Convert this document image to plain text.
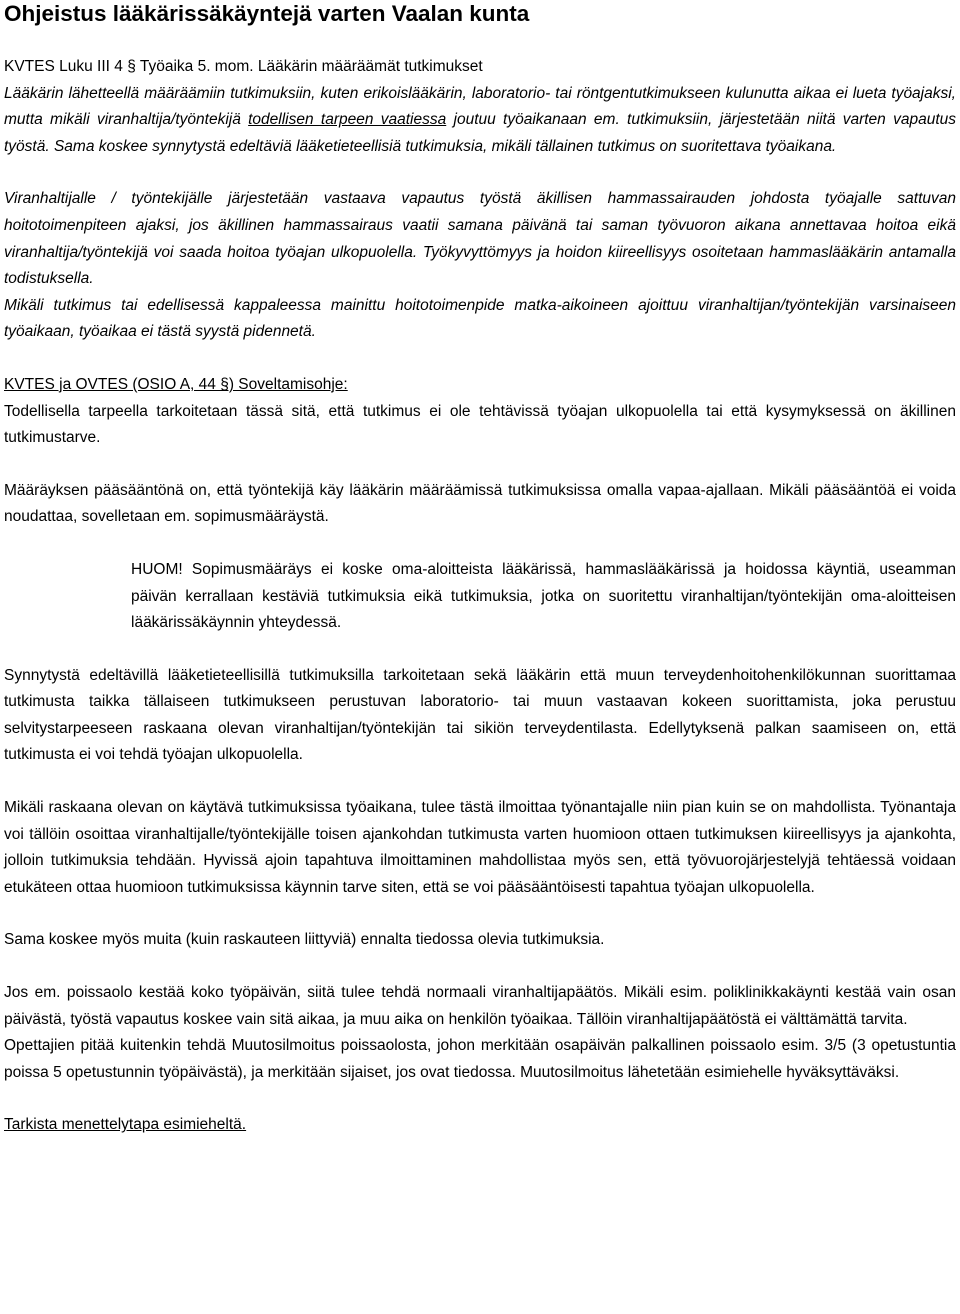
Ohjeistus lääkärissäkäyntejä varten Vaalan kunta

KVTES Luku III 4 § Työaika 5. mom. Lääkärin määräämät tutkimukset

Lääkärin lähetteellä määräämiin tutkimuksiin, kuten erikoislääkärin, laboratorio- tai röntgentutkimukseen kulunutta aikaa ei lueta työajaksi, mutta mikäli viranhaltija/työntekijä todellisen tarpeen vaatiessa joutuu työaikanaan em. tutkimuksiin, järjestetään niitä varten vapautus työstä. Sama koskee synnytystä edeltäviä lääketieteellisiä tutkimuksia, mikäli tällainen tutkimus on suoritettava työaikana.

Viranhaltijalle / työntekijälle järjestetään vastaava vapautus työstä äkillisen hammassairauden johdosta työajalle sattuvan hoitotoimenpiteen ajaksi, jos äkillinen hammassairaus vaatii samana päivänä tai saman työvuoron aikana annettavaa hoitoa eikä viranhaltija/työntekijä voi saada hoitoa työajan ulkopuolella. Työkyvyttömyys ja hoidon kiireellisyys osoitetaan hammaslääkärin antamalla todistuksella.

Mikäli tutkimus tai edellisessä kappaleessa mainittu hoitotoimenpide matka-aikoineen ajoittuu viranhaltijan/työntekijän varsinaiseen työaikaan, työaikaa ei tästä syystä pidennetä.

KVTES ja OVTES (OSIO A, 44 §) Soveltamisohje:

Todellisella tarpeella tarkoitetaan tässä sitä, että tutkimus ei ole tehtävissä työajan ulkopuolella tai että kysymyksessä on äkillinen tutkimustarve.

Määräyksen pääsääntönä on, että työntekijä käy lääkärin määräämissä tutkimuksissa omalla vapaa-ajallaan. Mikäli pääsääntöä ei voida noudattaa, sovelletaan em. sopimusmääräystä.

HUOM! Sopimusmääräys ei koske oma-aloitteista lääkärissä, hammaslääkärissä ja hoidossa käyntiä, useamman päivän kerrallaan kestäviä tutkimuksia eikä tutkimuksia, jotka on suoritettu viranhaltijan/työntekijän oma-aloitteisen lääkärissäkäynnin yhteydessä.

Synnytystä edeltävillä lääketieteellisillä tutkimuksilla tarkoitetaan sekä lääkärin että muun terveydenhoitohenkilökunnan suorittamaa tutkimusta taikka tällaiseen tutkimukseen perustuvan laboratorio- tai muun vastaavan kokeen suorittamista, joka perustuu selvitystarpeeseen raskaana olevan viranhaltijan/työntekijän tai sikiön terveydentilasta. Edellytyksenä palkan saamiseen on, että tutkimusta ei voi tehdä työajan ulkopuolella.

Mikäli raskaana olevan on käytävä tutkimuksissa työaikana, tulee tästä ilmoittaa työnantajalle niin pian kuin se on mahdollista. Työnantaja voi tällöin osoittaa viranhaltijalle/työntekijälle toisen ajankohdan tutkimusta varten huomioon ottaen tutkimuksen kiireellisyys ja ajankohta, jolloin tutkimuksia tehdään. Hyvissä ajoin tapahtuva ilmoittaminen mahdollistaa myös sen, että työvuorojärjestelyjä tehtäessä voidaan etukäteen ottaa huomioon tutkimuksissa käynnin tarve siten, että se voi pääsääntöisesti tapahtua työajan ulkopuolella.

Sama koskee myös muita (kuin raskauteen liittyviä) ennalta tiedossa olevia tutkimuksia.

Jos em. poissaolo kestää koko työpäivän, siitä tulee tehdä normaali viranhaltijapäätös. Mikäli esim. poliklinikkakäynti kestää vain osan päivästä, työstä vapautus koskee vain sitä aikaa, ja muu aika on henkilön työaikaa. Tällöin viranhaltijapäätöstä ei välttämättä tarvita.

Opettajien pitää kuitenkin tehdä Muutosilmoitus poissaolosta, johon merkitään osapäivän palkallinen poissaolo esim. 3/5 (3 opetustuntia poissa 5 opetustunnin työpäivästä), ja merkitään sijaiset, jos ovat tiedossa. Muutosilmoitus lähetetään esimiehelle hyväksyttäväksi.

Tarkista menettelytapa esimieheltä.
